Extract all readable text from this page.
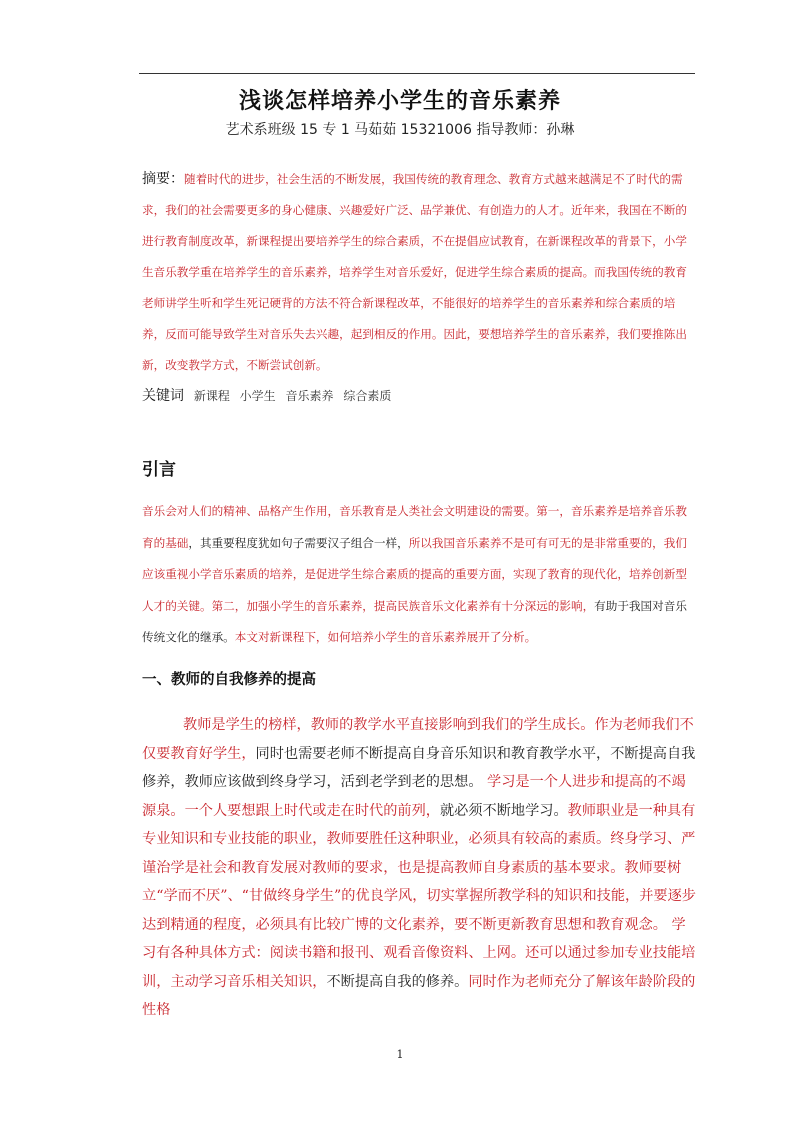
浅谈怎样培养小学生的音乐素养
艺术系班级 15 专 1 马茹茹 15321006 指导教师：孙琳
摘要：随着时代的进步，社会生活的不断发展，我国传统的教育理念、教育方式越来越满足不了时代的需求，我们的社会需要更多的身心健康、兴趣爱好广泛、品学兼优、有创造力的人才。近年来，我国在不断的进行教育制度改革，新课程提出要培养学生的综合素质，不在提倡应试教育，在新课程改革的背景下，小学生音乐教学重在培养学生的音乐素养，培养学生对音乐爱好，促进学生综合素质的提高。而我国传统的教育老师讲学生听和学生死记硬背的方法不符合新课程改革，不能很好的培养学生的音乐素养和综合素质的培养，反而可能导致学生对音乐失去兴趣，起到相反的作用。因此，要想培养学生的音乐素养，我们要推陈出新，改变教学方式，不断尝试创新。
关键词 新课程 小学生 音乐素养 综合素质
引言
音乐会对人们的精神、品格产生作用，音乐教育是人类社会文明建设的需要。第一，音乐素养是培养音乐教育的基础，其重要程度犹如句子需要汉子组合一样，所以我国音乐素养不是可有可无的是非常重要的，我们应该重视小学音乐素质的培养，是促进学生综合素质的提高的重要方面，实现了教育的现代化，培养创新型人才的关键。第二，加强小学生的音乐素养，提高民族音乐文化素养有十分深远的影响，有助于我国对音乐传统文化的继承。本文对新课程下，如何培养小学生的音乐素养展开了分析。
一、教师的自我修养的提高
教师是学生的榜样，教师的教学水平直接影响到我们的学生成长。作为老师我们不仅要教育好学生，同时也需要老师不断提高自身音乐知识和教育教学水平，不断提高自我修养，教师应该做到终身学习，活到老学到老的思想。 学习是一个人进步和提高的不竭源泉。一个人要想跟上时代或走在时代的前列，就必须不断地学习。教师职业是一种具有专业知识和专业技能的职业，教师要胜任这种职业，必须具有较高的素质。终身学习、严谨治学是社会和教育发展对教师的要求，也是提高教师自身素质的基本要求。教师要树立“学而不厌”、“甘做终身学生”的优良学风，切实掌握所教学科的知识和技能，并要逐步达到精通的程度，必须具有比较广博的文化素养，要不断更新教育思想和教育观念。 学习有各种具体方式：阅读书籍和报刊、观看音像资料、上网。还可以通过参加专业技能培训，主动学习音乐相关知识，不断提高自我的修养。同时作为老师充分了解该年龄阶段的性格
1
